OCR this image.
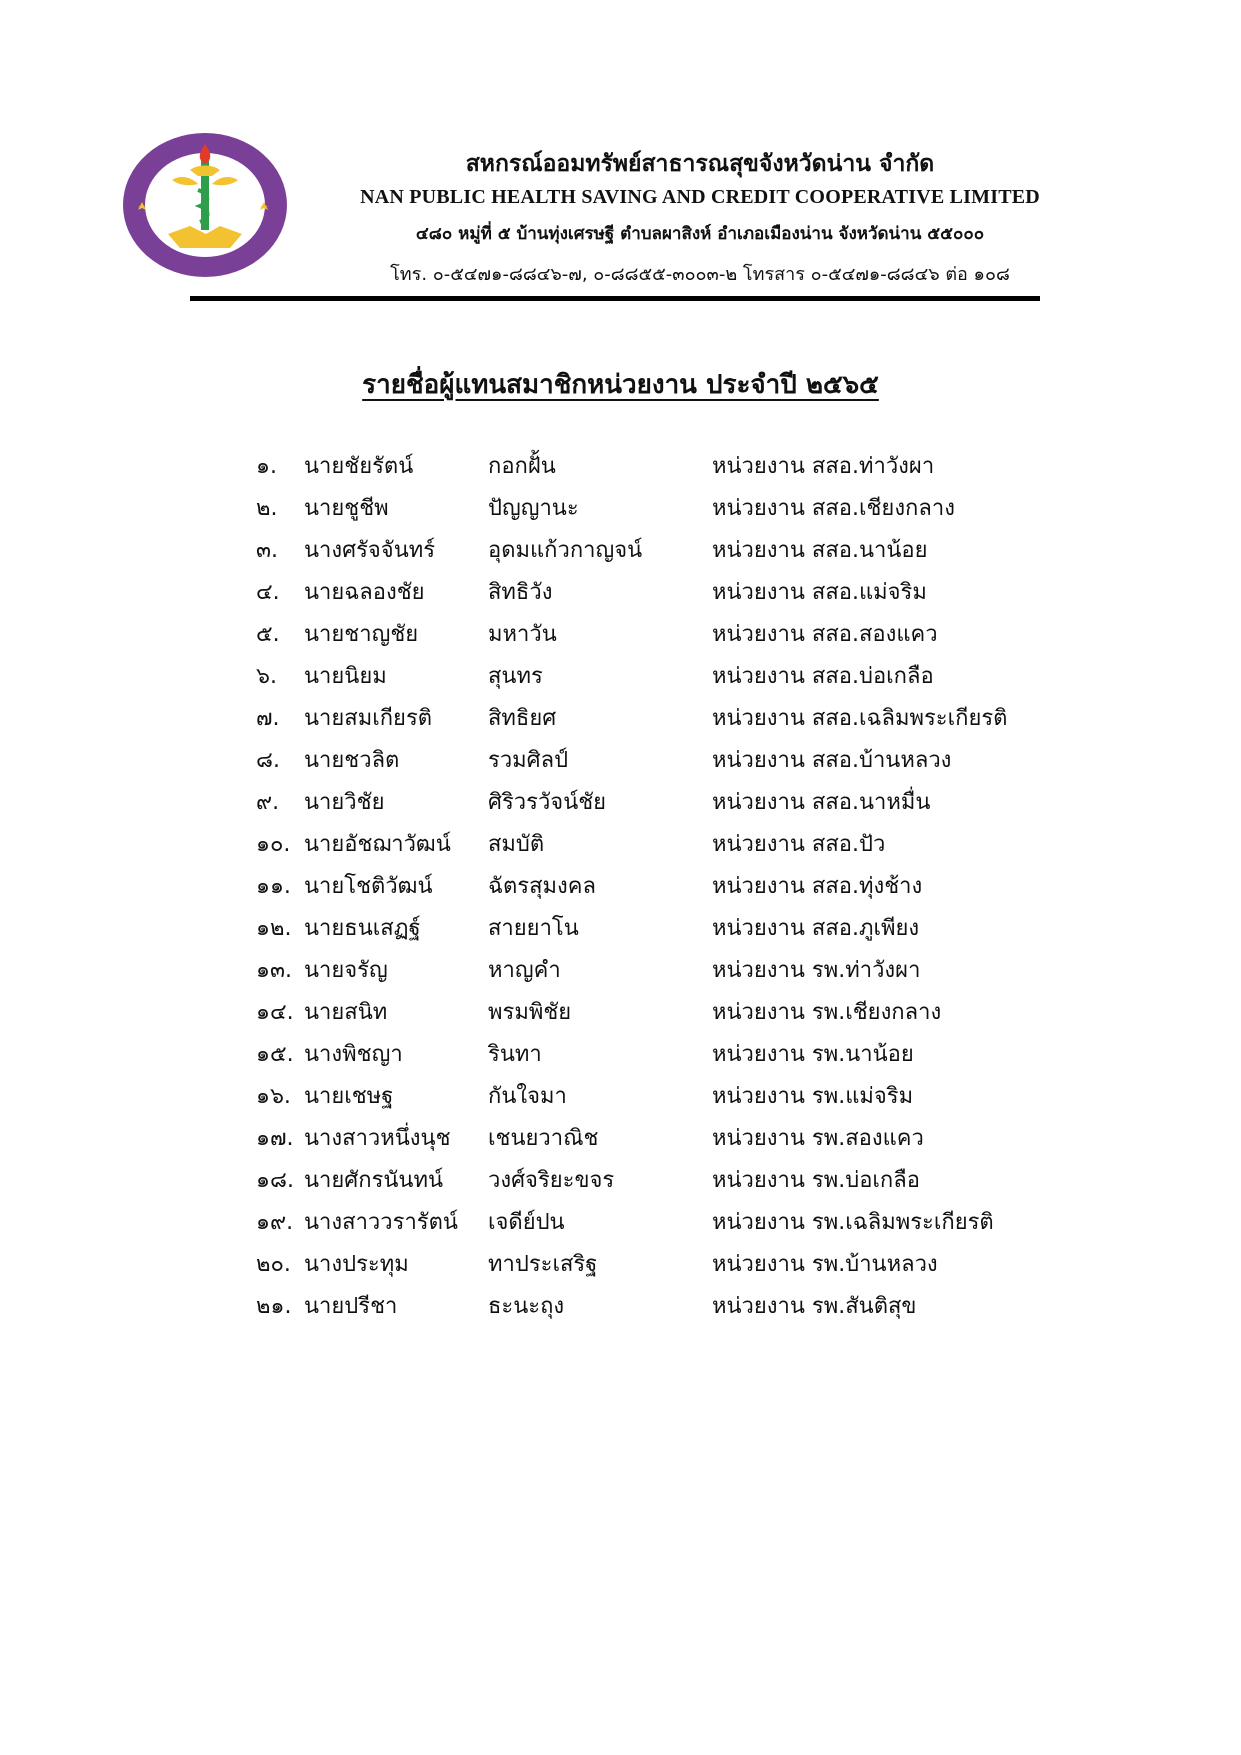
สหกรณ์ออมทรัพย์สาธารณสุขจังหวัดน่าน จำกัด
NAN PUBLIC HEALTH SAVING AND CREDIT COOPERATIVE LIMITED
๔๘๐ หมู่ที่ ๕ บ้านทุ่งเศรษฐี ตำบลผาสิงห์ อำเภอเมืองน่าน จังหวัดน่าน ๕๕๐๐๐
โทร. ๐-๕๔๗๑-๘๘๔๖-๗, ๐-๘๘๕๕-๓๐๐๓-๒ โทรสาร ๐-๕๔๗๑-๘๘๔๖ ต่อ ๑๐๘
รายชื่อผู้แทนสมาชิกหน่วยงาน ประจำปี ๒๕๖๕
๑.	นายชัยรัตน์	กอกฝั้น	หน่วยงาน สสอ.ท่าวังผา
๒.	นายชูชีพ	ปัญญานะ	หน่วยงาน สสอ.เชียงกลาง
๓.	นางศรัจจันทร์	อุดมแก้วกาญจน์	หน่วยงาน สสอ.นาน้อย
๔.	นายฉลองชัย	สิทธิวัง	หน่วยงาน สสอ.แม่จริม
๕.	นายชาญชัย	มหาวัน	หน่วยงาน สสอ.สองแคว
๖.	นายนิยม	สุนทร	หน่วยงาน สสอ.บ่อเกลือ
๗.	นายสมเกียรติ	สิทธิยศ	หน่วยงาน สสอ.เฉลิมพระเกียรติ
๘.	นายชวลิต	รวมศิลป์	หน่วยงาน สสอ.บ้านหลวง
๙.	นายวิชัย	ศิริวรวัจน์ชัย	หน่วยงาน สสอ.นาหมื่น
๑๐. นายอัชฌาวัฒน์	สมบัติ	หน่วยงาน สสอ.ปัว
๑๑. นายโชติวัฒน์	ฉัตรสุมงคล	หน่วยงาน สสอ.ทุ่งช้าง
๑๒. นายธนเสฏฐ์	สายยาโน	หน่วยงาน สสอ.ภูเพียง
๑๓. นายจรัญ	หาญคำ	หน่วยงาน รพ.ท่าวังผา
๑๔. นายสนิท	พรมพิชัย	หน่วยงาน รพ.เชียงกลาง
๑๕. นางพิชญา	รินทา	หน่วยงาน รพ.นาน้อย
๑๖. นายเชษฐ	กันใจมา	หน่วยงาน รพ.แม่จริม
๑๗. นางสาวหนึ่งนุช	เชนยวาณิช	หน่วยงาน รพ.สองแคว
๑๘. นายศักรนันทน์	วงศ์จริยะขจร	หน่วยงาน รพ.บ่อเกลือ
๑๙. นางสาววรารัตน์	เจดีย์ปน	หน่วยงาน รพ.เฉลิมพระเกียรติ
๒๐. นางประทุม	ทาประเสริฐ	หน่วยงาน รพ.บ้านหลวง
๒๑. นายปรีชา	ธะนะถุง	หน่วยงาน รพ.สันติสุข
